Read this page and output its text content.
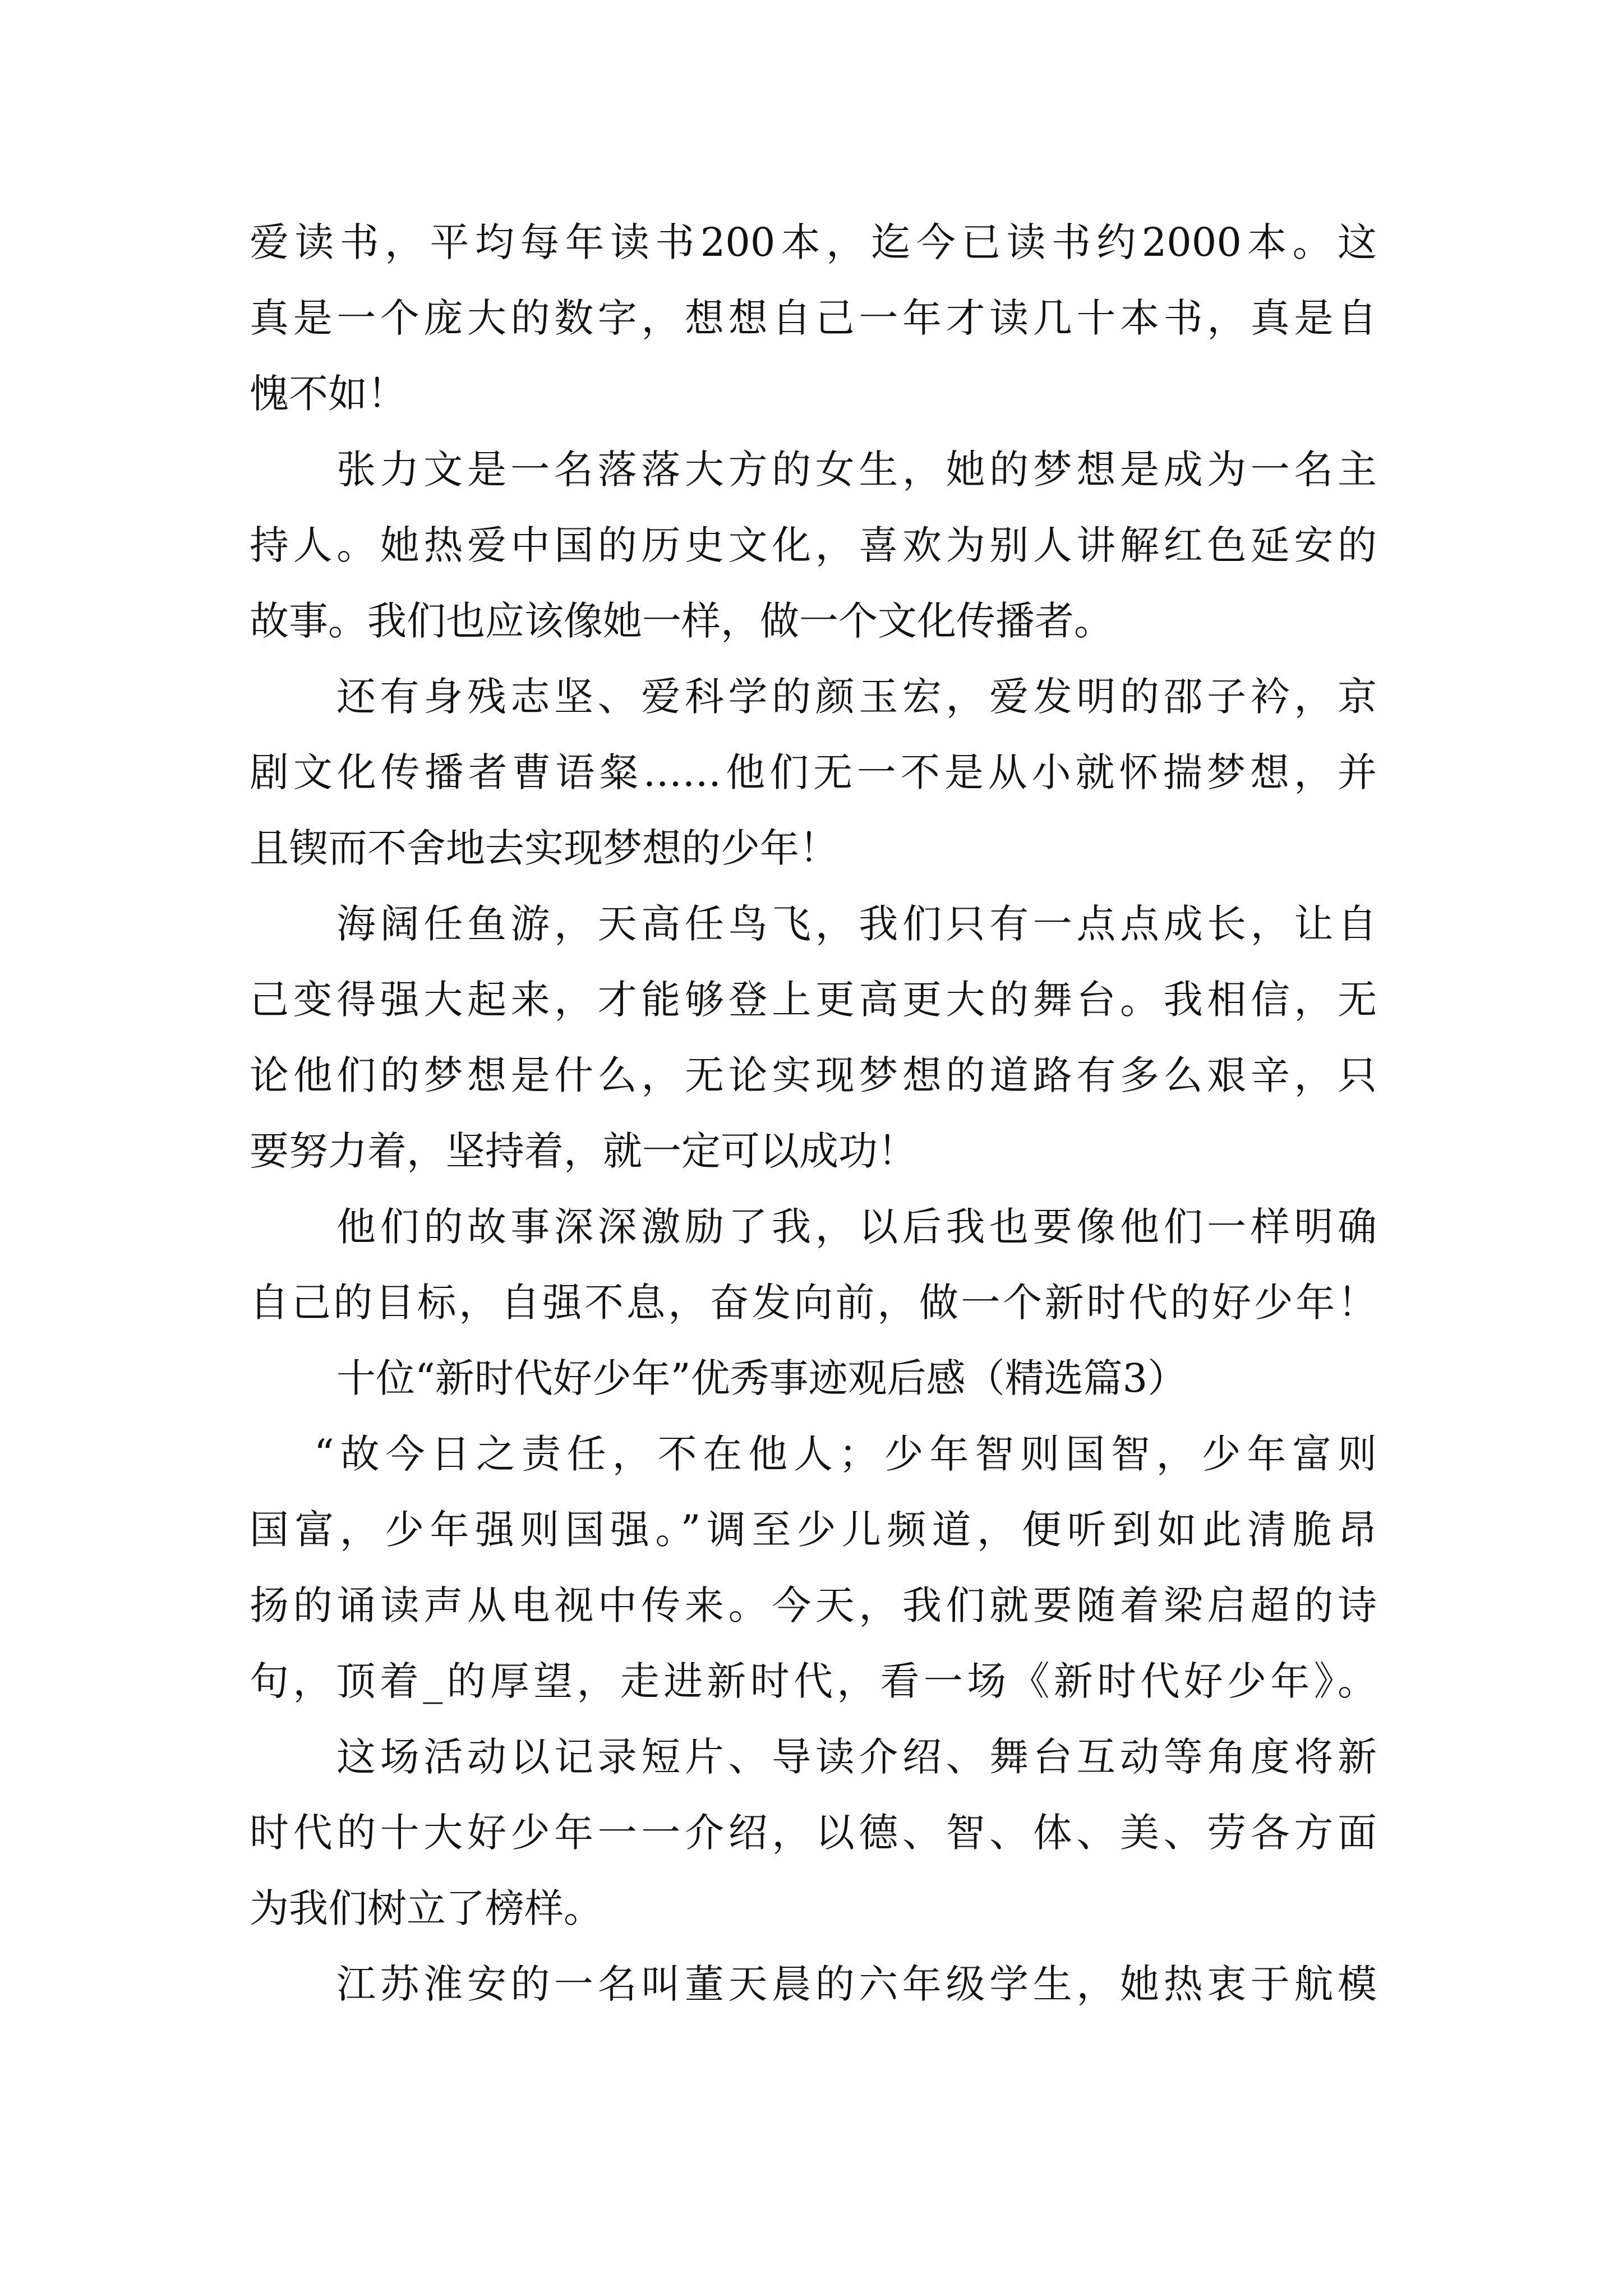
爱读书，平均每年读书200本，迄今已读书约2000本。这
真是一个庞大的数字，想想自己一年才读几十本书，真是自
愧不如！
张力文是一名落落大方的女生，她的梦想是成为一名主
持人。她热爱中国的历史文化，喜欢为别人讲解红色延安的
故事。我们也应该像她一样，做一个文化传播者。
还有身残志坚、爱科学的颜玉宏，爱发明的邵子衿，京
剧文化传播者曹语粲……他们无一不是从小就怀揣梦想，并
且锲而不舍地去实现梦想的少年！
海阔任鱼游，天高任鸟飞，我们只有一点点成长，让自
己变得强大起来，才能够登上更高更大的舞台。我相信，无
论他们的梦想是什么，无论实现梦想的道路有多么艰辛，只
要努力着，坚持着，就一定可以成功！
他们的故事深深激励了我，以后我也要像他们一样明确
自己的目标，自强不息，奋发向前，做一个新时代的好少年！
十位“新时代好少年”优秀事迹观后感（精选篇3）
“故今日之责任，不在他人；少年智则国智，少年富则
国富，少年强则国强。”调至少儿频道，便听到如此清脆昂
扬的诵读声从电视中传来。今天，我们就要随着梁启超的诗
句，顶着_的厚望，走进新时代，看一场《新时代好少年》。
这场活动以记录短片、导读介绍、舞台互动等角度将新
时代的十大好少年一一介绍，以德、智、体、美、劳各方面
为我们树立了榜样。
江苏淮安的一名叫董天晨的六年级学生，她热衷于航模
